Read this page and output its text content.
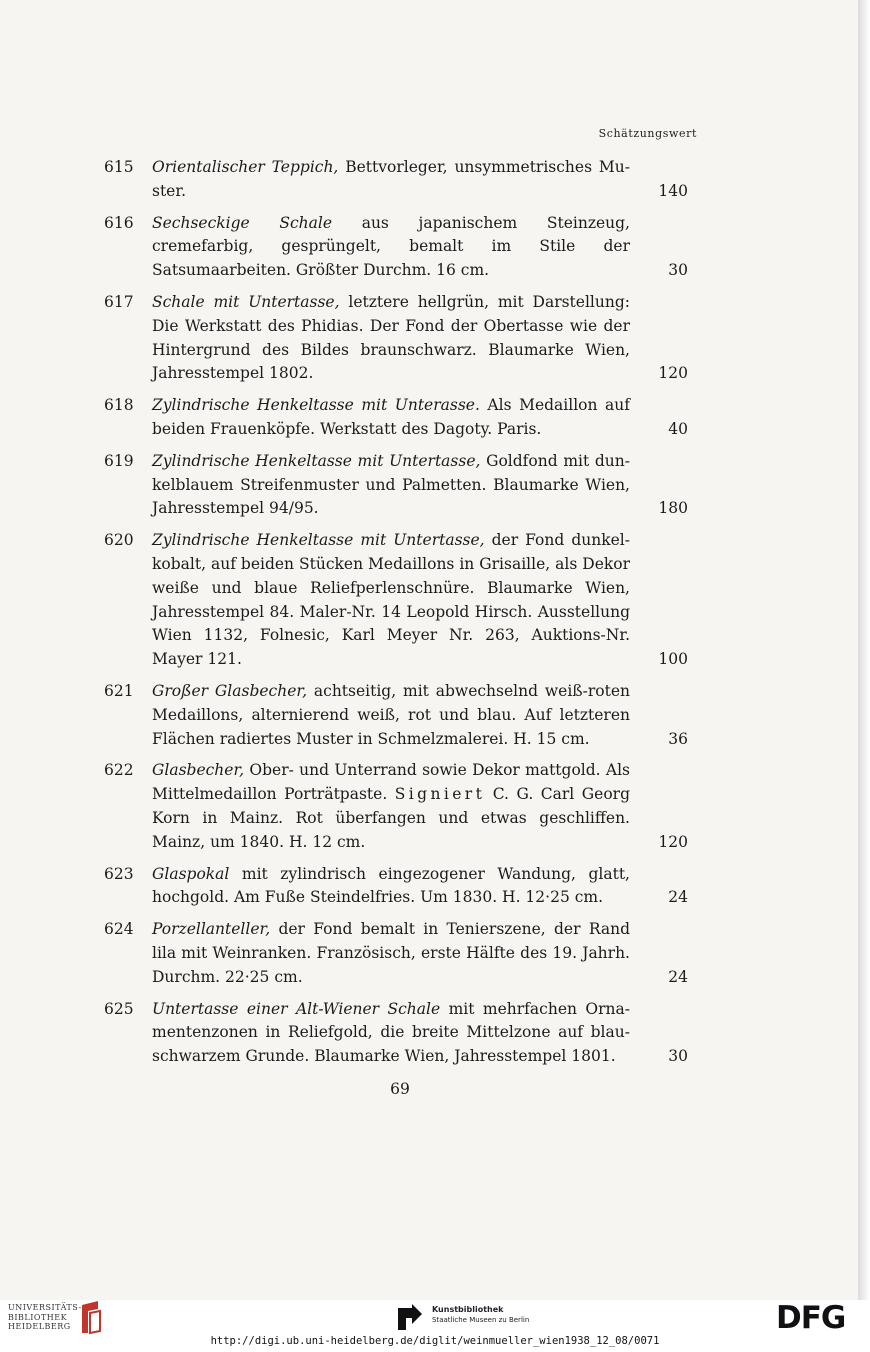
Schätzungswert
615	Orientalischer Teppich, Bettvorleger, unsymmetrisches Muster.	140
616	Sechseckige Schale aus japanischem Steinzeug, cremefarbig, gesprüngelt, bemalt im Stile der Satsumaarbeiten. Größter Durchm. 16 cm.	30
617	Schale mit Untertasse, letztere hellgrün, mit Darstellung: Die Werkstatt des Phidias. Der Fond der Obertasse wie der Hintergrund des Bildes braunschwarz. Blaumarke Wien, Jahresstempel 1802.	120
618	Zylindrische Henkeltasse mit Unterasse. Als Medaillon auf beiden Frauenköpfe. Werkstatt des Dagoty. Paris.	40
619	Zylindrische Henkeltasse mit Untertasse, Goldfond mit dunkelblauem Streifenmuster und Palmetten. Blaumarke Wien, Jahresstempel 94/95.	180
620	Zylindrische Henkeltasse mit Untertasse, der Fond dunkelkobalt, auf beiden Stücken Medaillons in Grisaille, als Dekor weiße und blaue Reliefperlenschnüre. Blaumarke Wien, Jahresstempel 84. Maler-Nr. 14 Leopold Hirsch. Ausstellung Wien 1132, Folnesic, Karl Meyer Nr. 263, Auktions-Nr. Mayer 121.	100
621	Großer Glasbecher, achtseitig, mit abwechselnd weiß-roten Medaillons, alternierend weiß, rot und blau. Auf letzteren Flächen radiertes Muster in Schmelzmalerei. H. 15 cm.	36
622	Glasbecher, Ober- und Unterrand sowie Dekor mattgold. Als Mittelmedaillon Porträtpaste. Signiert C. G. Carl Georg Korn in Mainz. Rot überfangen und etwas geschliffen. Mainz, um 1840. H. 12 cm.	120
623	Glaspokal mit zylindrisch eingezogener Wandung, glatt, hochgold. Am Fuße Steindelfries. Um 1830. H. 12·25 cm.	24
624	Porzellanteller, der Fond bemalt in Tenierszene, der Rand lila mit Weinranken. Französisch, erste Hälfte des 19. Jahrh. Durchm. 22·25 cm.	24
625	Untertasse einer Alt-Wiener Schale mit mehrfachen Ornamentenzonen in Reliefgold, die breite Mittelzone auf blauschwarzem Grunde. Blaumarke Wien, Jahresstempel 1801.	30
69
UNIVERSITÄTS-
BIBLIOTHEK
HEIDELBERG
Kunstbibliothek
Staatliche Museen zu Berlin	DFG
http://digi.ub.uni-heidelberg.de/diglit/weinmueller_wien1938_12_08/0071
